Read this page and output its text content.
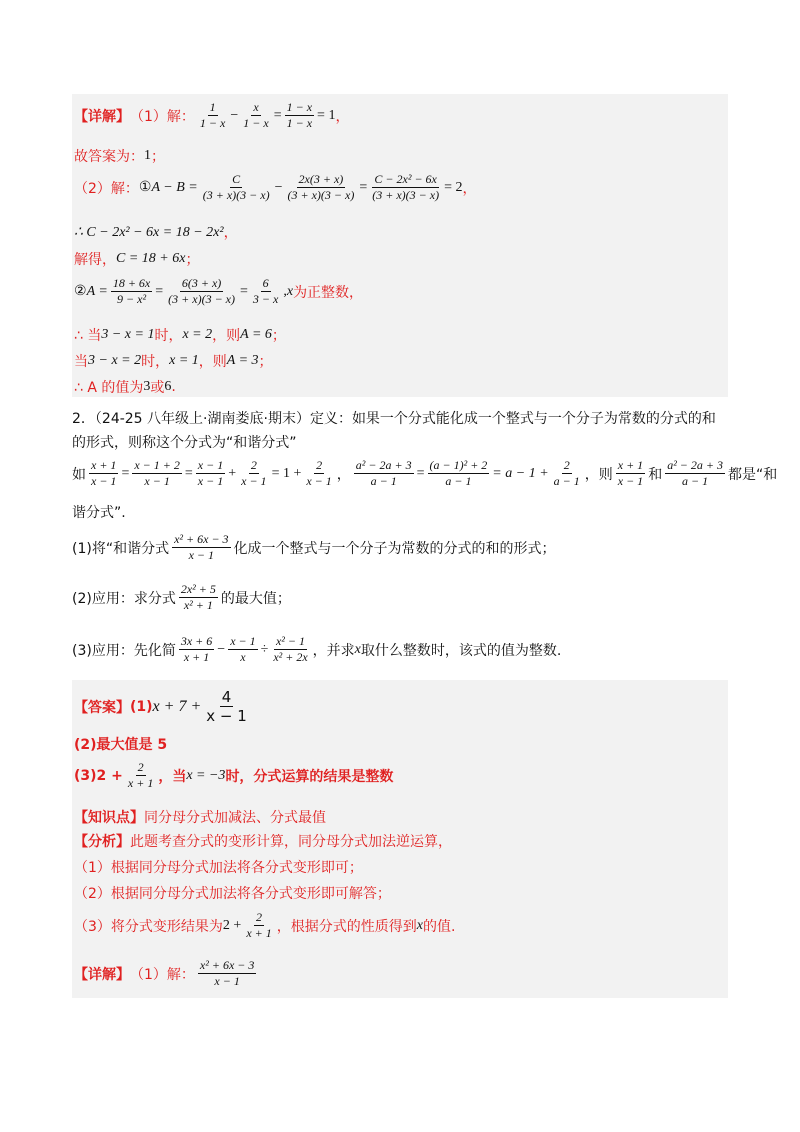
【详解】 （1）解： $\frac{1}{1 - x} - \frac{x}{1 - x} = \frac{1 - x}{1 - x} = 1$ ，
故答案为： 1 ；
（2）解： ① $A - B = \frac{C}{(3 + x)(3 - x)} - \frac{2x(3 + x)}{(3 + x)(3 - x)} = \frac{\text{C − 2x² − 6x}}{(3 + x)(3 - x)} = 2$ ，
∴ C − 2x² − 6x = 18 − 2x² ，
解得， C = 18 + 6x ；
② $A = \frac{18 + 6x}{\text{9 − x²}} = \frac{6(3 + x)}{(3 + x)(3 - x)} = \frac{6}{3 - x}$ , x 为正整数，
∴ 当 3 − x = 1 时， x = 2 ，则 A = 6 ；
当 3 − x = 2 时， x = 1 ，则 A = 3 ；
∴ A 的值为 3 或 6 .
2．（24-25 八年级上·湖南娄底·期末）定义：如果一个分式能化成一个整式与一个分子为常数的分式的和
的形式，则称这个分式为“和谐分式”
如 $\frac{x + 1}{x - 1} = \frac{x - 1 + 2}{x - 1} = \frac{x - 1}{x - 1} + \frac{2}{x - 1} = 1 + \frac{2}{x - 1}$ ， $\frac{\text{a² − 2a + 3}}{a - 1} = \frac{\text{(a − 1)² + 2}}{a - 1} = a - 1 + \frac{2}{a - 1}$ ，则 $\frac{x + 1}{x - 1}$ 和 $\frac{\text{a² − 2a + 3}}{a - 1}$ 都是“和
谐分式”.
(1)将“和谐分式 $\frac{\text{x² + 6x − 3}}{x - 1}$ 化成一个整式与一个分子为常数的分式的和的形式；
(2)应用：求分式 $\frac{\text{2x² + 5}}{\text{x² + 1}}$ 的最大值；
(3)应用：先化简 $\frac{3x + 6}{x + 1} - \frac{x - 1}{x} \div \frac{\text{x² − 1}}{\text{x² + 2x}}$ ，并求 x 取什么整数时，该式的值为整数.
【答案】 (1) $x + 7 + \frac{4}{x - 1}$
(2)最大值是 5
$(3)2 + \frac{2}{x + 1}$ ，当 x = −3 时，分式运算的结果是整数
【知识点】 同分母分式加减法、分式最值
【分析】 此题考查分式的变形计算，同分母分式加法逆运算，
（1）根据同分母分式加法将各分式变形即可；
（2）根据同分母分式加法将各分式变形即可解答；
（3）将分式变形结果为 $2 + \frac{2}{x + 1}$ ，根据分式的性质得到 x 的值.
【详解】 （1）解： $\frac{\text{x² + 6x − 3}}{x - 1}$
